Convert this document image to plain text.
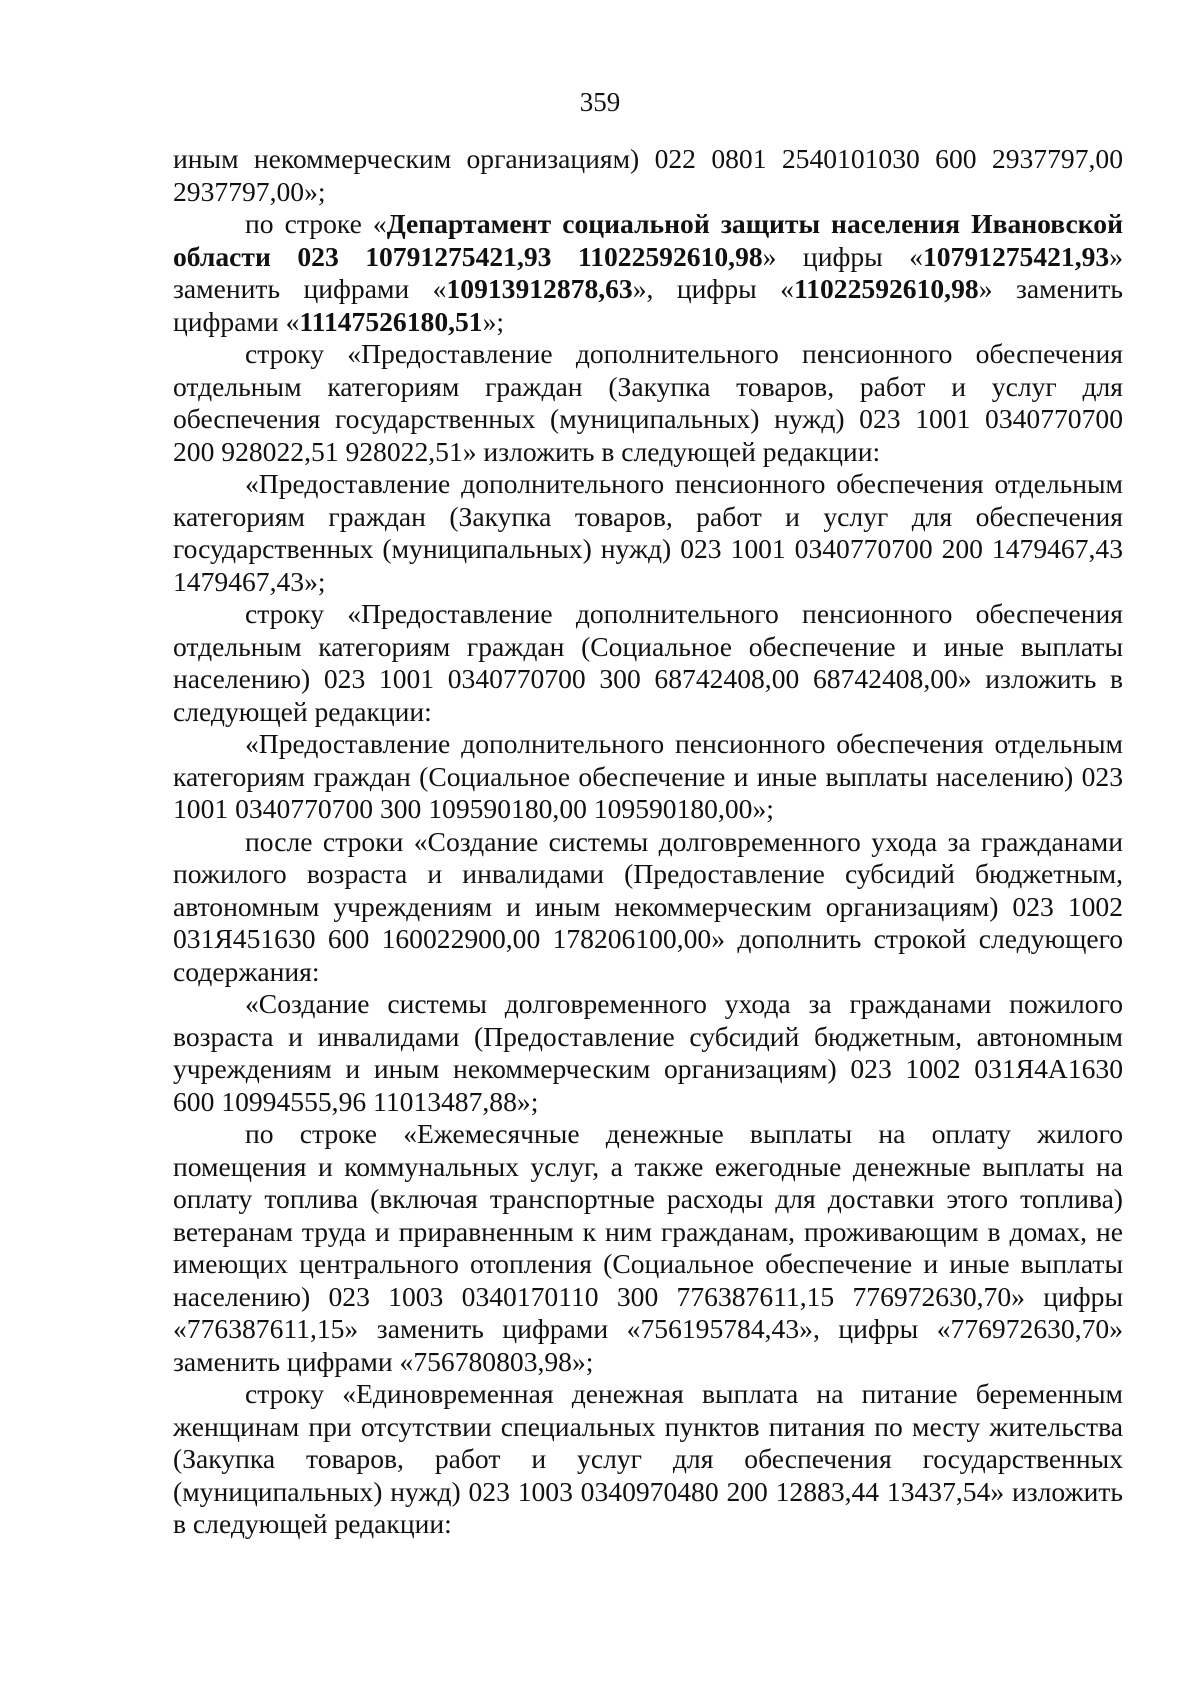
359

иным некоммерческим организациям) 022 0801 2540101030 600 2937797,00 2937797,00»;

по строке «Департамент социальной защиты населения Ивановской области 023 10791275421,93 11022592610,98» цифры «10791275421,93» заменить цифрами «10913912878,63», цифры «11022592610,98» заменить цифрами «11147526180,51»;

строку «Предоставление дополнительного пенсионного обеспечения отдельным категориям граждан (Закупка товаров, работ и услуг для обеспечения государственных (муниципальных) нужд) 023 1001 0340770700 200 928022,51 928022,51» изложить в следующей редакции:

«Предоставление дополнительного пенсионного обеспечения отдельным категориям граждан (Закупка товаров, работ и услуг для обеспечения государственных (муниципальных) нужд) 023 1001 0340770700 200 1479467,43 1479467,43»;

строку «Предоставление дополнительного пенсионного обеспечения отдельным категориям граждан (Социальное обеспечение и иные выплаты населению) 023 1001 0340770700 300 68742408,00 68742408,00» изложить в следующей редакции:

«Предоставление дополнительного пенсионного обеспечения отдельным категориям граждан (Социальное обеспечение и иные выплаты населению) 023 1001 0340770700 300 109590180,00 109590180,00»;

после строки «Создание системы долговременного ухода за гражданами пожилого возраста и инвалидами (Предоставление субсидий бюджетным, автономным учреждениям и иным некоммерческим организациям) 023 1002 031Я451630 600 160022900,00 178206100,00» дополнить строкой следующего содержания:

«Создание системы долговременного ухода за гражданами пожилого возраста и инвалидами (Предоставление субсидий бюджетным, автономным учреждениям и иным некоммерческим организациям) 023 1002 031Я4А1630 600 10994555,96 11013487,88»;

по строке «Ежемесячные денежные выплаты на оплату жилого помещения и коммунальных услуг, а также ежегодные денежные выплаты на оплату топлива (включая транспортные расходы для доставки этого топлива) ветеранам труда и приравненным к ним гражданам, проживающим в домах, не имеющих центрального отопления (Социальное обеспечение и иные выплаты населению) 023 1003 0340170110 300 776387611,15 776972630,70» цифры «776387611,15» заменить цифрами «756195784,43», цифры «776972630,70» заменить цифрами «756780803,98»;

строку «Единовременная денежная выплата на питание беременным женщинам при отсутствии специальных пунктов питания по месту жительства (Закупка товаров, работ и услуг для обеспечения государственных (муниципальных) нужд) 023 1003 0340970480 200 12883,44 13437,54» изложить в следующей редакции:
